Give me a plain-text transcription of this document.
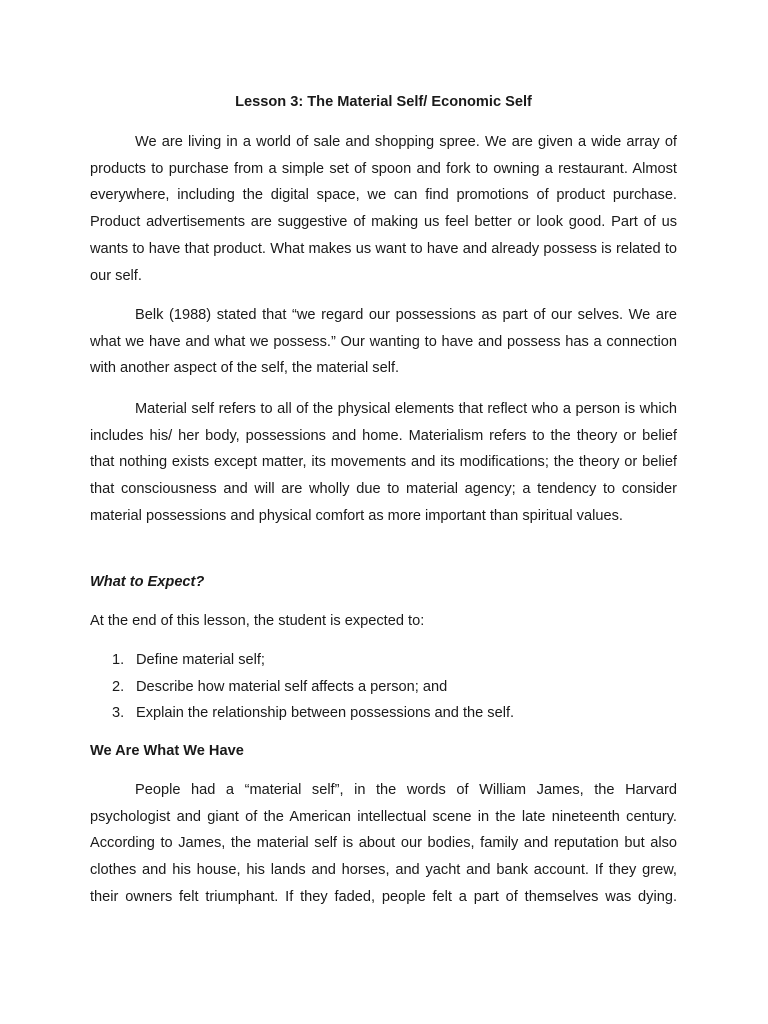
Lesson 3: The Material Self/ Economic Self

We are living in a world of sale and shopping spree. We are given a wide array of products to purchase from a simple set of spoon and fork to owning a restaurant. Almost everywhere, including the digital space, we can find promotions of product purchase. Product advertisements are suggestive of making us feel better or look good. Part of us wants to have that product. What makes us want to have and already possess is related to our self.

Belk (1988) stated that “we regard our possessions as part of our selves. We are what we have and what we possess.” Our wanting to have and possess has a connection with another aspect of the self, the material self.

Material self refers to all of the physical elements that reflect who a person is which includes his/ her body, possessions and home. Materialism refers to the theory or belief that nothing exists except matter, its movements and its modifications; the theory or belief that consciousness and will are wholly due to material agency; a tendency to consider material possessions and physical comfort as more important than spiritual values.

What to Expect?
At the end of this lesson, the student is expected to:
1. Define material self;
2. Describe how material self affects a person; and
3. Explain the relationship between possessions and the self.
We Are What We Have

People had a “material self”, in the words of William James, the Harvard psychologist and giant of the American intellectual scene in the late nineteenth century. According to James, the material self is about our bodies, family and reputation but also clothes and his house, his lands and horses, and yacht and bank account. If they grew, their owners felt triumphant. If they faded, people felt a part of themselves was dying.
